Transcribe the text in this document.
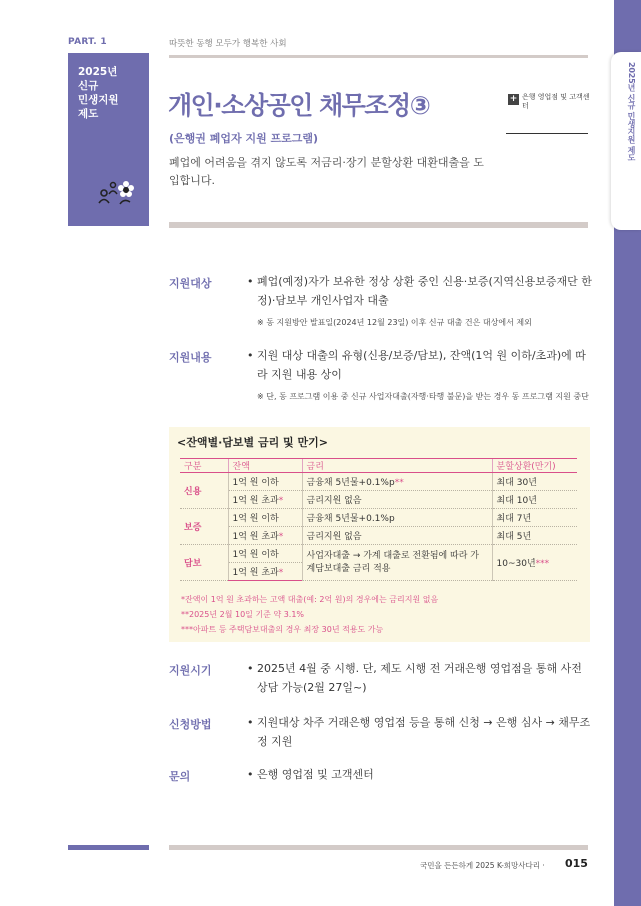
2025년 신규 민생지원 제도
PART. 1	따뜻한 동행 모두가 행복한 사회
2025년
신규
민생지원
제도	개인·소상공인 채무조정③
(은행권 폐업자 지원 프로그램)
폐업에 어려움을 겪지 않도록 저금리·장기 분할상환 대환대출을 도입합니다.
+ 은행 영업점 및 고객센터
지원대상	• 폐업(예정)자가 보유한 정상 상환 중인 신용·보증(지역신용보증재단 한정)·담보부 개인사업자 대출
※ 동 지원방안 발표일(2024년 12월 23일) 이후 신규 대출 건은 대상에서 제외
지원내용	• 지원 대상 대출의 유형(신용/보증/담보), 잔액(1억 원 이하/초과)에 따라 지원 내용 상이
※ 단, 동 프로그램 이용 중 신규 사업자대출(자행·타행 불문)을 받는 경우 동 프로그램 지원 중단
<잔액별·담보별 금리 및 만기>
구분	잔액	금리	분할상환(만기)
신용	1억 원 이하	금융채 5년물+0.1%p**	최대 30년
	1억 원 초과*	금리지원 없음	최대 10년
보증	1억 원 이하	금융채 5년물+0.1%p	최대 7년
	1억 원 초과*	금리지원 없음	최대 5년
담보	1억 원 이하	사업자대출 → 가계 대출로 전환됨에 따라 가계담보대출 금리 적용	10~30년***
	1억 원 초과*		
*잔액이 1억 원 초과하는 고액 대출(예: 2억 원)의 경우에는 금리지원 없음
**2025년 2월 10일 기준 약 3.1%
***아파트 등 주택담보대출의 경우 최장 30년 적용도 가능
지원시기	• 2025년 4월 중 시행. 단, 제도 시행 전 거래은행 영업점을 통해 사전 상담 가능(2월 27일~)
신청방법	• 지원대상 차주 거래은행 영업점 등을 통해 신청 → 은행 심사 → 채무조정 지원
문의	• 은행 영업점 및 고객센터
국민을 든든하게 2025 K-희망사다리 · 015
